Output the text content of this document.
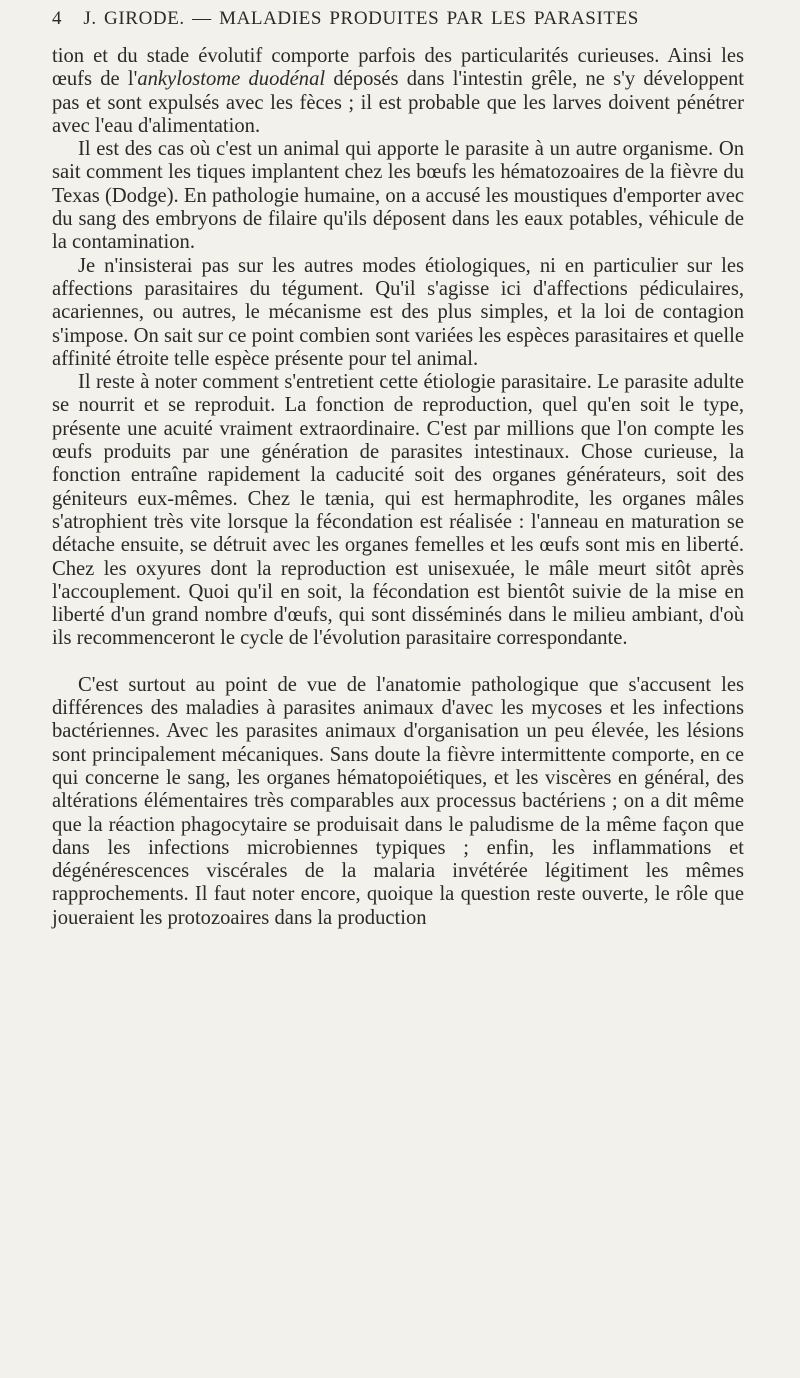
4 J. GIRODE. — MALADIES PRODUITES PAR LES PARASITES

tion et du stade évolutif comporte parfois des particularités curieuses. Ainsi les œufs de l'ankylostome duodénal déposés dans l'intestin grêle, ne s'y développent pas et sont expulsés avec les fèces ; il est probable que les larves doivent pénétrer avec l'eau d'alimentation.

Il est des cas où c'est un animal qui apporte le parasite à un autre organisme. On sait comment les tiques implantent chez les bœufs les hématozoaires de la fièvre du Texas (Dodge). En pathologie humaine, on a accusé les moustiques d'emporter avec du sang des embryons de filaire qu'ils déposent dans les eaux potables, véhicule de la contamination.

Je n'insisterai pas sur les autres modes étiologiques, ni en particulier sur les affections parasitaires du tégument. Qu'il s'agisse ici d'affections pédiculaires, acariennes, ou autres, le mécanisme est des plus simples, et la loi de contagion s'impose. On sait sur ce point combien sont variées les espèces parasitaires et quelle affinité étroite telle espèce présente pour tel animal.

Il reste à noter comment s'entretient cette étiologie parasitaire. Le parasite adulte se nourrit et se reproduit. La fonction de reproduction, quel qu'en soit le type, présente une acuité vraiment extraordinaire. C'est par millions que l'on compte les œufs produits par une génération de parasites intestinaux. Chose curieuse, la fonction entraîne rapidement la caducité soit des organes générateurs, soit des géniteurs eux-mêmes. Chez le tænia, qui est hermaphrodite, les organes mâles s'atrophient très vite lorsque la fécondation est réalisée : l'anneau en maturation se détache ensuite, se détruit avec les organes femelles et les œufs sont mis en liberté. Chez les oxyures dont la reproduction est unisexuée, le mâle meurt sitôt après l'accouplement. Quoi qu'il en soit, la fécondation est bientôt suivie de la mise en liberté d'un grand nombre d'œufs, qui sont disséminés dans le milieu ambiant, d'où ils recommenceront le cycle de l'évolution parasitaire correspondante.

C'est surtout au point de vue de l'anatomie pathologique que s'accusent les différences des maladies à parasites animaux d'avec les mycoses et les infections bactériennes. Avec les parasites animaux d'organisation un peu élevée, les lésions sont principalement mécaniques. Sans doute la fièvre intermittente comporte, en ce qui concerne le sang, les organes hématopoiétiques, et les viscères en général, des altérations élémentaires très comparables aux processus bactériens ; on a dit même que la réaction phagocytaire se produisait dans le paludisme de la même façon que dans les infections microbiennes typiques ; enfin, les inflammations et dégénérescences viscérales de la malaria invétérée légitiment les mêmes rapprochements. Il faut noter encore, quoique la question reste ouverte, le rôle que joueraient les protozoaires dans la production
